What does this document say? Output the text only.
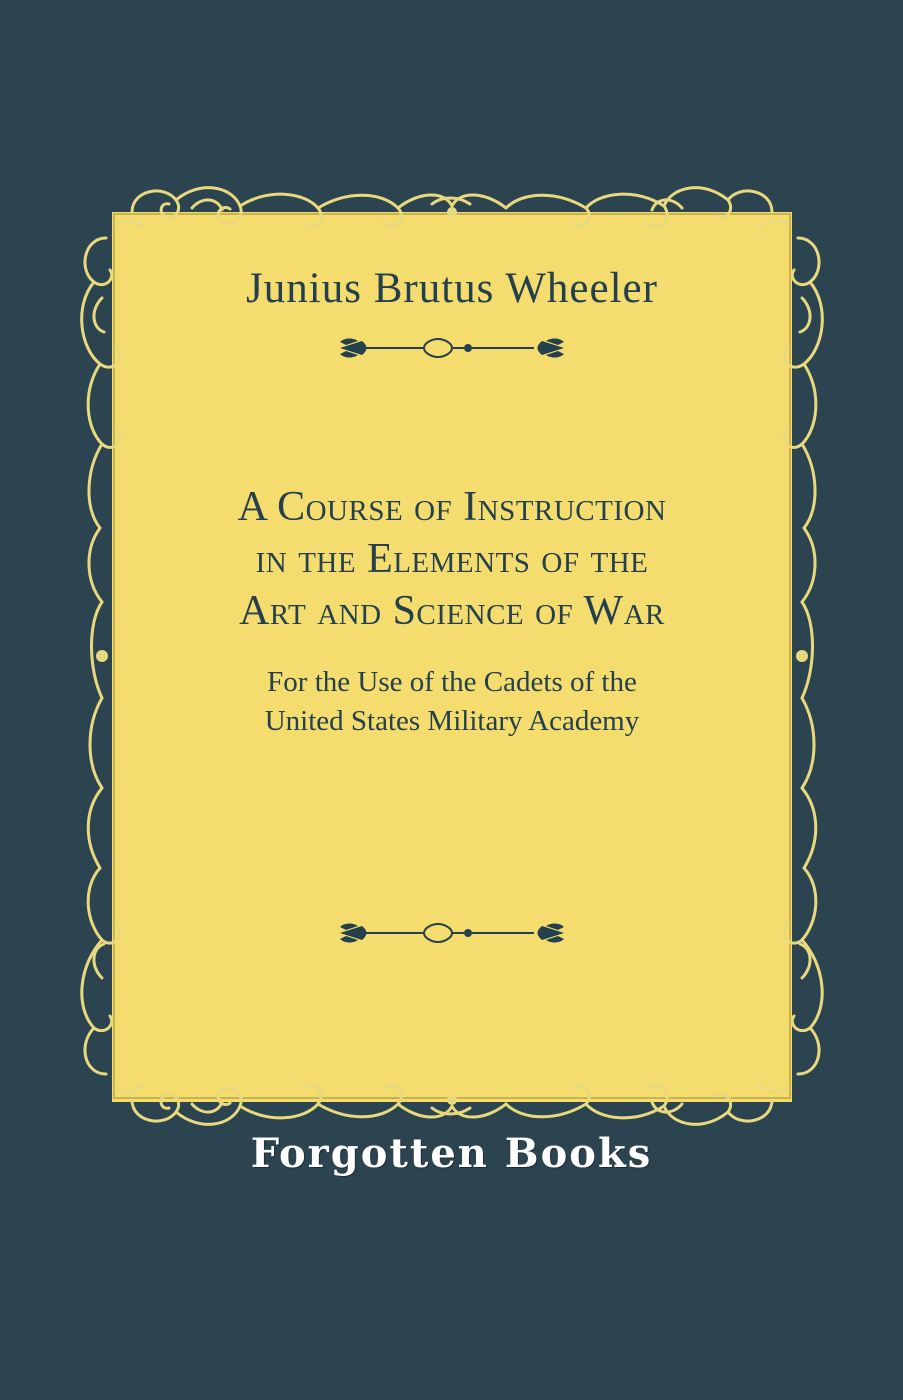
Junius Brutus Wheeler
A Course of Instruction
in the Elements of the
Art and Science of War
For the Use of the Cadets of the
United States Military Academy
Forgotten Books
